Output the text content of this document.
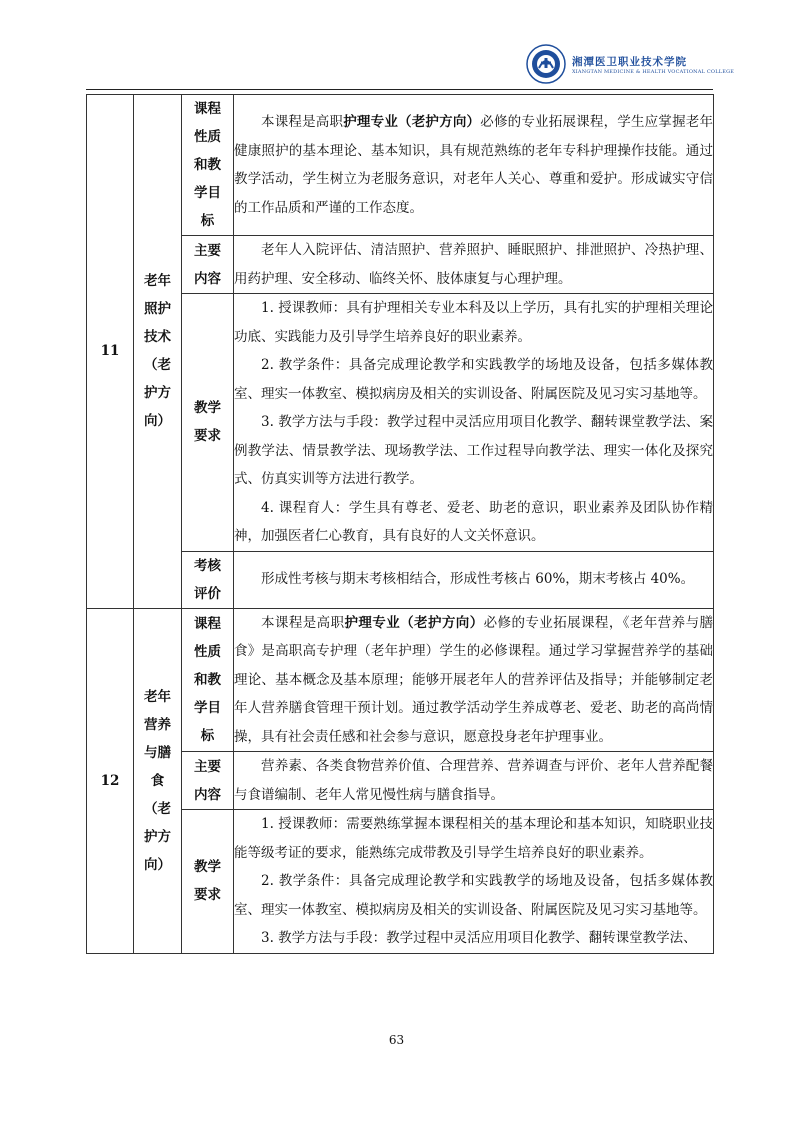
湘潭医卫职业技术学院
XIANGTAN MEDICINE & HEALTH VOCATIONAL COLLEGE
11	老年照护技术（老护方向）	课程性质和教学目标	本课程是高职护理专业（老护方向）必修的专业拓展课程，学生应掌握老年健康照护的基本理论、基本知识，具有规范熟练的老年专科护理操作技能。通过教学活动，学生树立为老服务意识，对老年人关心、尊重和爱护。形成诚实守信的工作品质和严谨的工作态度。

		主要内容	老年人入院评估、清洁照护、营养照护、睡眠照护、排泄照护、冷热护理、用药护理、安全移动、临终关怀、肢体康复与心理护理。

		教学要求	1. 授课教师：具有护理相关专业本科及以上学历，具有扎实的护理相关理论功底、实践能力及引导学生培养良好的职业素养。

2. 教学条件：具备完成理论教学和实践教学的场地及设备，包括多媒体教室、理实一体教室、模拟病房及相关的实训设备、附属医院及见习实习基地等。

3. 教学方法与手段：教学过程中灵活应用项目化教学、翻转课堂教学法、案例教学法、情景教学法、现场教学法、工作过程导向教学法、理实一体化及探究式、仿真实训等方法进行教学。

4. 课程育人：学生具有尊老、爱老、助老的意识，职业素养及团队协作精神，加强医者仁心教育，具有良好的人文关怀意识。

		考核评价	形成性考核与期末考核相结合，形成性考核占 60%，期末考核占 40%。

12	老年营养与膳食（老护方向）	课程性质和教学目标	本课程是高职护理专业（老护方向）必修的专业拓展课程，《老年营养与膳食》是高职高专护理（老年护理）学生的必修课程。通过学习掌握营养学的基础理论、基本概念及基本原理；能够开展老年人的营养评估及指导；并能够制定老年人营养膳食管理干预计划。通过教学活动学生养成尊老、爱老、助老的高尚情操，具有社会责任感和社会参与意识，愿意投身老年护理事业。

		主要内容	营养素、各类食物营养价值、合理营养、营养调查与评价、老年人营养配餐与食谱编制、老年人常见慢性病与膳食指导。

		教学要求	1. 授课教师：需要熟练掌握本课程相关的基本理论和基本知识，知晓职业技能等级考证的要求，能熟练完成带教及引导学生培养良好的职业素养。

2. 教学条件：具备完成理论教学和实践教学的场地及设备，包括多媒体教室、理实一体教室、模拟病房及相关的实训设备、附属医院及见习实习基地等。

3. 教学方法与手段：教学过程中灵活应用项目化教学、翻转课堂教学法、

63
